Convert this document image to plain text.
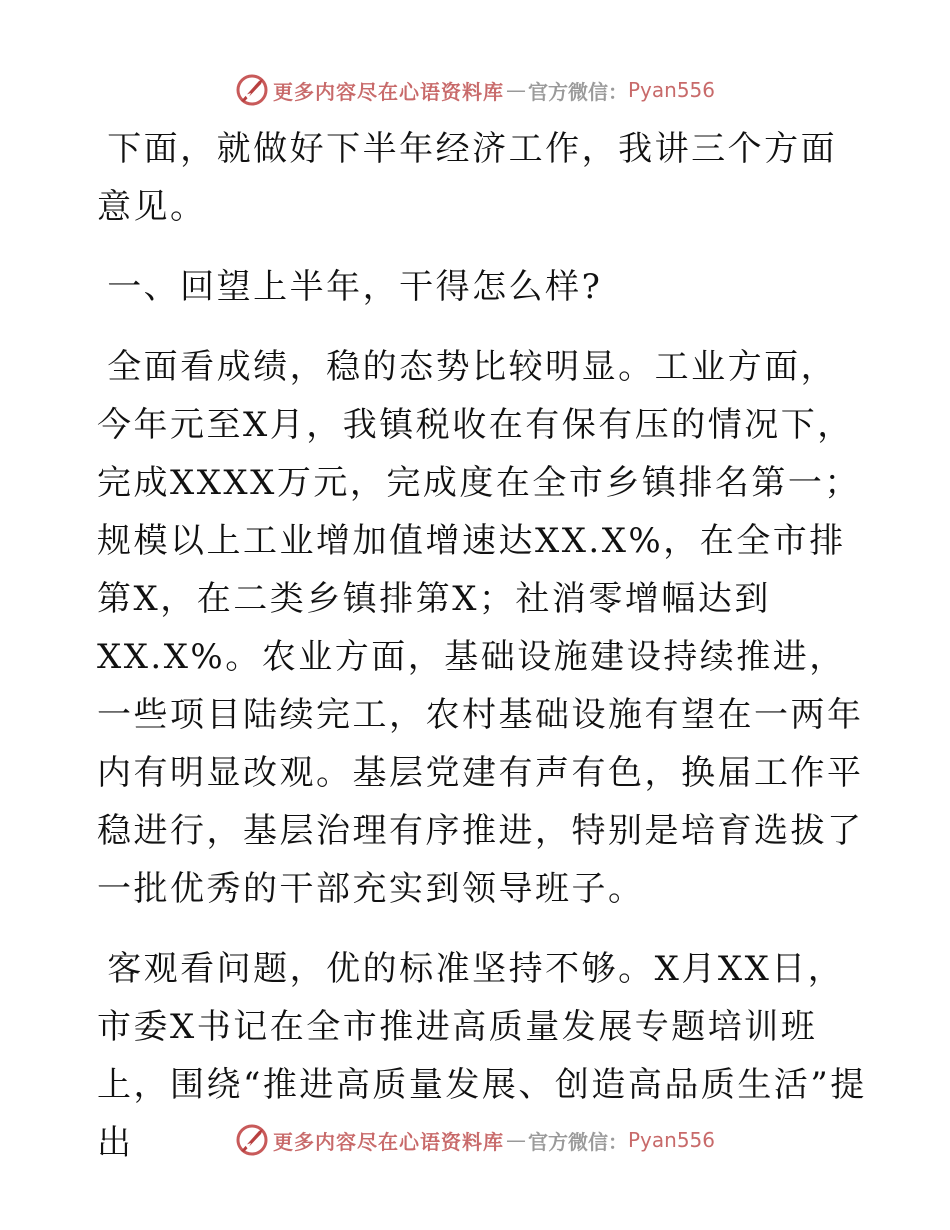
更多内容尽在心语资料库 — 官方微信： Pyan556

下面，就做好下半年经济工作，我讲三个方面意见。

一、回望上半年，干得怎么样?

全面看成绩，稳的态势比较明显。工业方面，今年元至X月，我镇税收在有保有压的情况下，完成XXXX万元，完成度在全市乡镇排名第一；规模以上工业增加值增速达XX.X%，在全市排第X，在二类乡镇排第X；社消零增幅达到XX.X%。农业方面，基础设施建设持续推进，一些项目陆续完工，农村基础设施有望在一两年内有明显改观。基层党建有声有色，换届工作平稳进行，基层治理有序推进，特别是培育选拔了一批优秀的干部充实到领导班子。

客观看问题，优的标准坚持不够。X月XX日，市委X书记在全市推进高质量发展专题培训班上，围绕“推进高质量发展、创造高品质生活”提出	更多内容尽在心语资料库 — 官方微信： Pyan556
